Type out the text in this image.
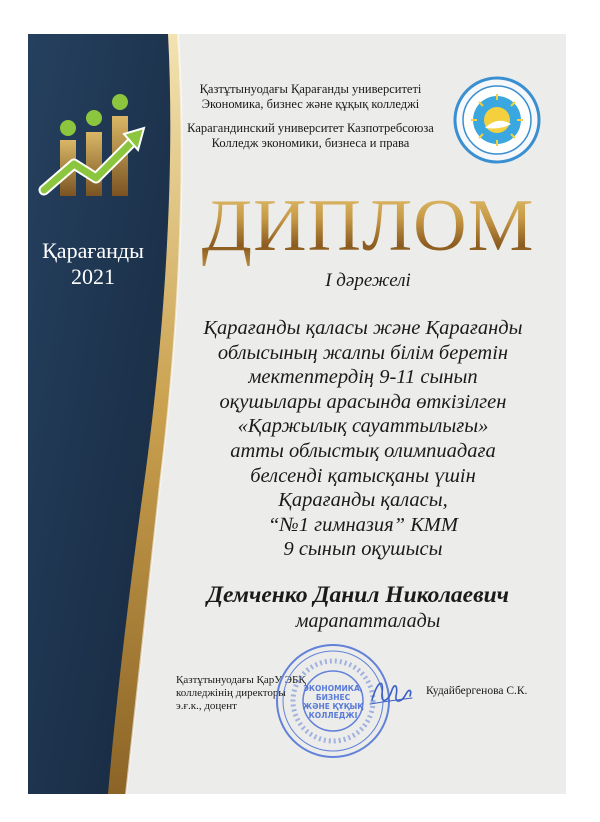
Қарағанды
2021
Қазтұтынуодағы Қарағанды университеті
Экономика, бизнес және құқық колледжі
Карагандинский университет Казпотребсоюза
Колледж экономики, бизнеса и права
ДИПЛОМ
І дәрежелі
Қарағанды қаласы және Қарағанды
облысының жалпы білім беретін
мектептердің 9-11 сынып
оқушылары арасында өткізілген
«Қаржылық сауаттылығы»
атты облыстық олимпиадаға
белсенді қатысқаны үшін
Қарағанды қаласы,
“№1 гимназия” КММ
9 сынып оқушысы
Демченко Данил Николаевич
марапатталады
Қазтұтынуодағы ҚарУ ЭБҚ
колледжінің директоры
э.ғ.к., доцент
ЭКОНОМИКА,
БИЗНЕС
ЖӘНЕ ҚҰҚЫҚ
КОЛЛЕДЖІ
Кудайбергенова С.К.
